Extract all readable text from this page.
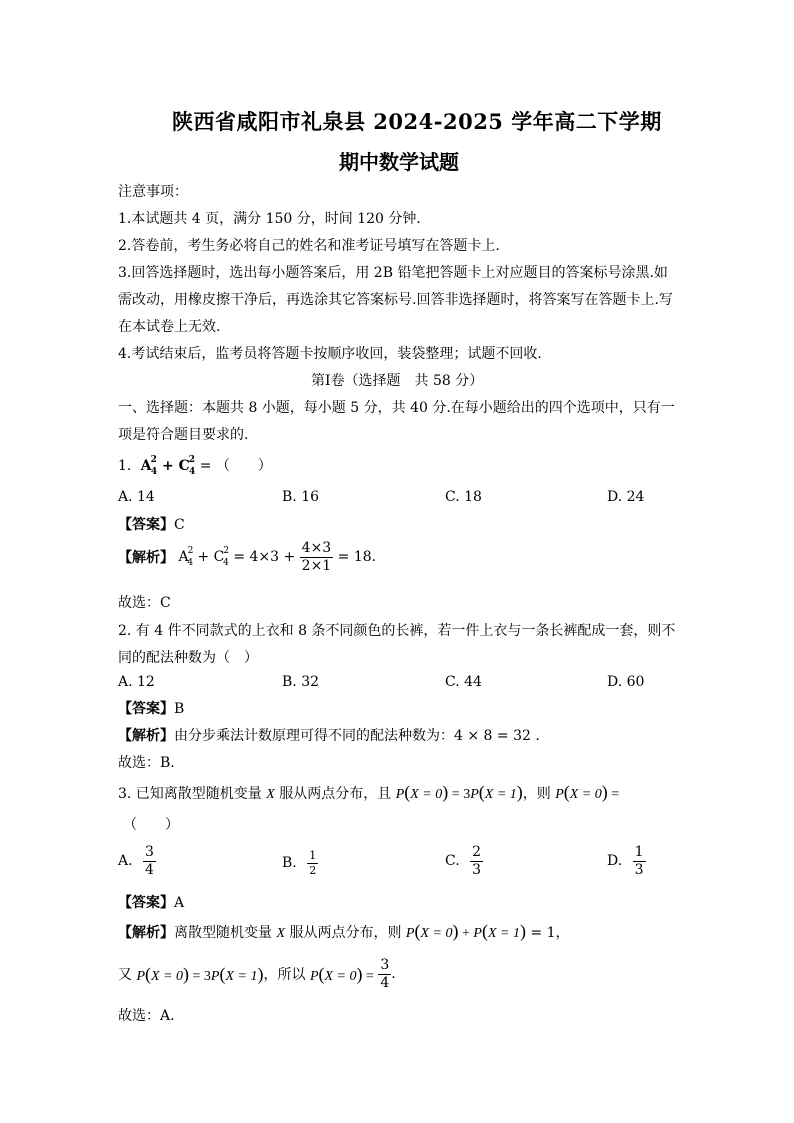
陕西省咸阳市礼泉县 2024-2025 学年高二下学期
期中数学试题
注意事项：
1.本试题共 4 页，满分 150 分，时间 120 分钟.
2.答卷前，考生务必将自己的姓名和准考证号填写在答题卡上.
3.回答选择题时，选出每小题答案后，用 2B 铅笔把答题卡上对应题目的答案标号涂黑.如
需改动，用橡皮擦干净后，再选涂其它答案标号.回答非选择题时，将答案写在答题卡上.写
在本试卷上无效.
4.考试结束后，监考员将答题卡按顺序收回，装袋整理；试题不回收.
第Ⅰ卷（选择题　共 58 分）
一、选择题：本题共 8 小题，每小题 5 分，共 40 分.在每小题给出的四个选项中，只有一
项是符合题目要求的.
1.  $A^2_4 + C^2_4$ = （　　）
A. 14	B. 16	C. 18	D. 24
【答案】C
【解析】 $A^2_4 + C^2_4 = 4\times 3 + \frac{4\times 3}{2\times 1} = 18$.
故选：C
2. 有 4 件不同款式的上衣和 8 条不同颜色的长裤，若一件上衣与一条长裤配成一套，则不
同的配法种数为（　）
A. 12	B. 32	C. 44	D. 60
【答案】B
【解析】由分步乘法计数原理可得不同的配法种数为：4 × 8 = 32 .
故选：B.
3. 已知离散型随机变量 X 服从两点分布，且 P(X = 0) = 3P(X = 1)，则 P(X = 0) =
（　　）
A. $\frac{3}{4}$	B. $\frac{1}{2}$	C. $\frac{2}{3}$	D. $\frac{1}{3}$
【答案】A
【解析】离散型随机变量 X 服从两点分布，则 P(X = 0) + P(X = 1) = 1，
又 P(X = 0) = 3P(X = 1)，所以 $P(X = 0) = \frac{3}{4}$ .
故选：A.
